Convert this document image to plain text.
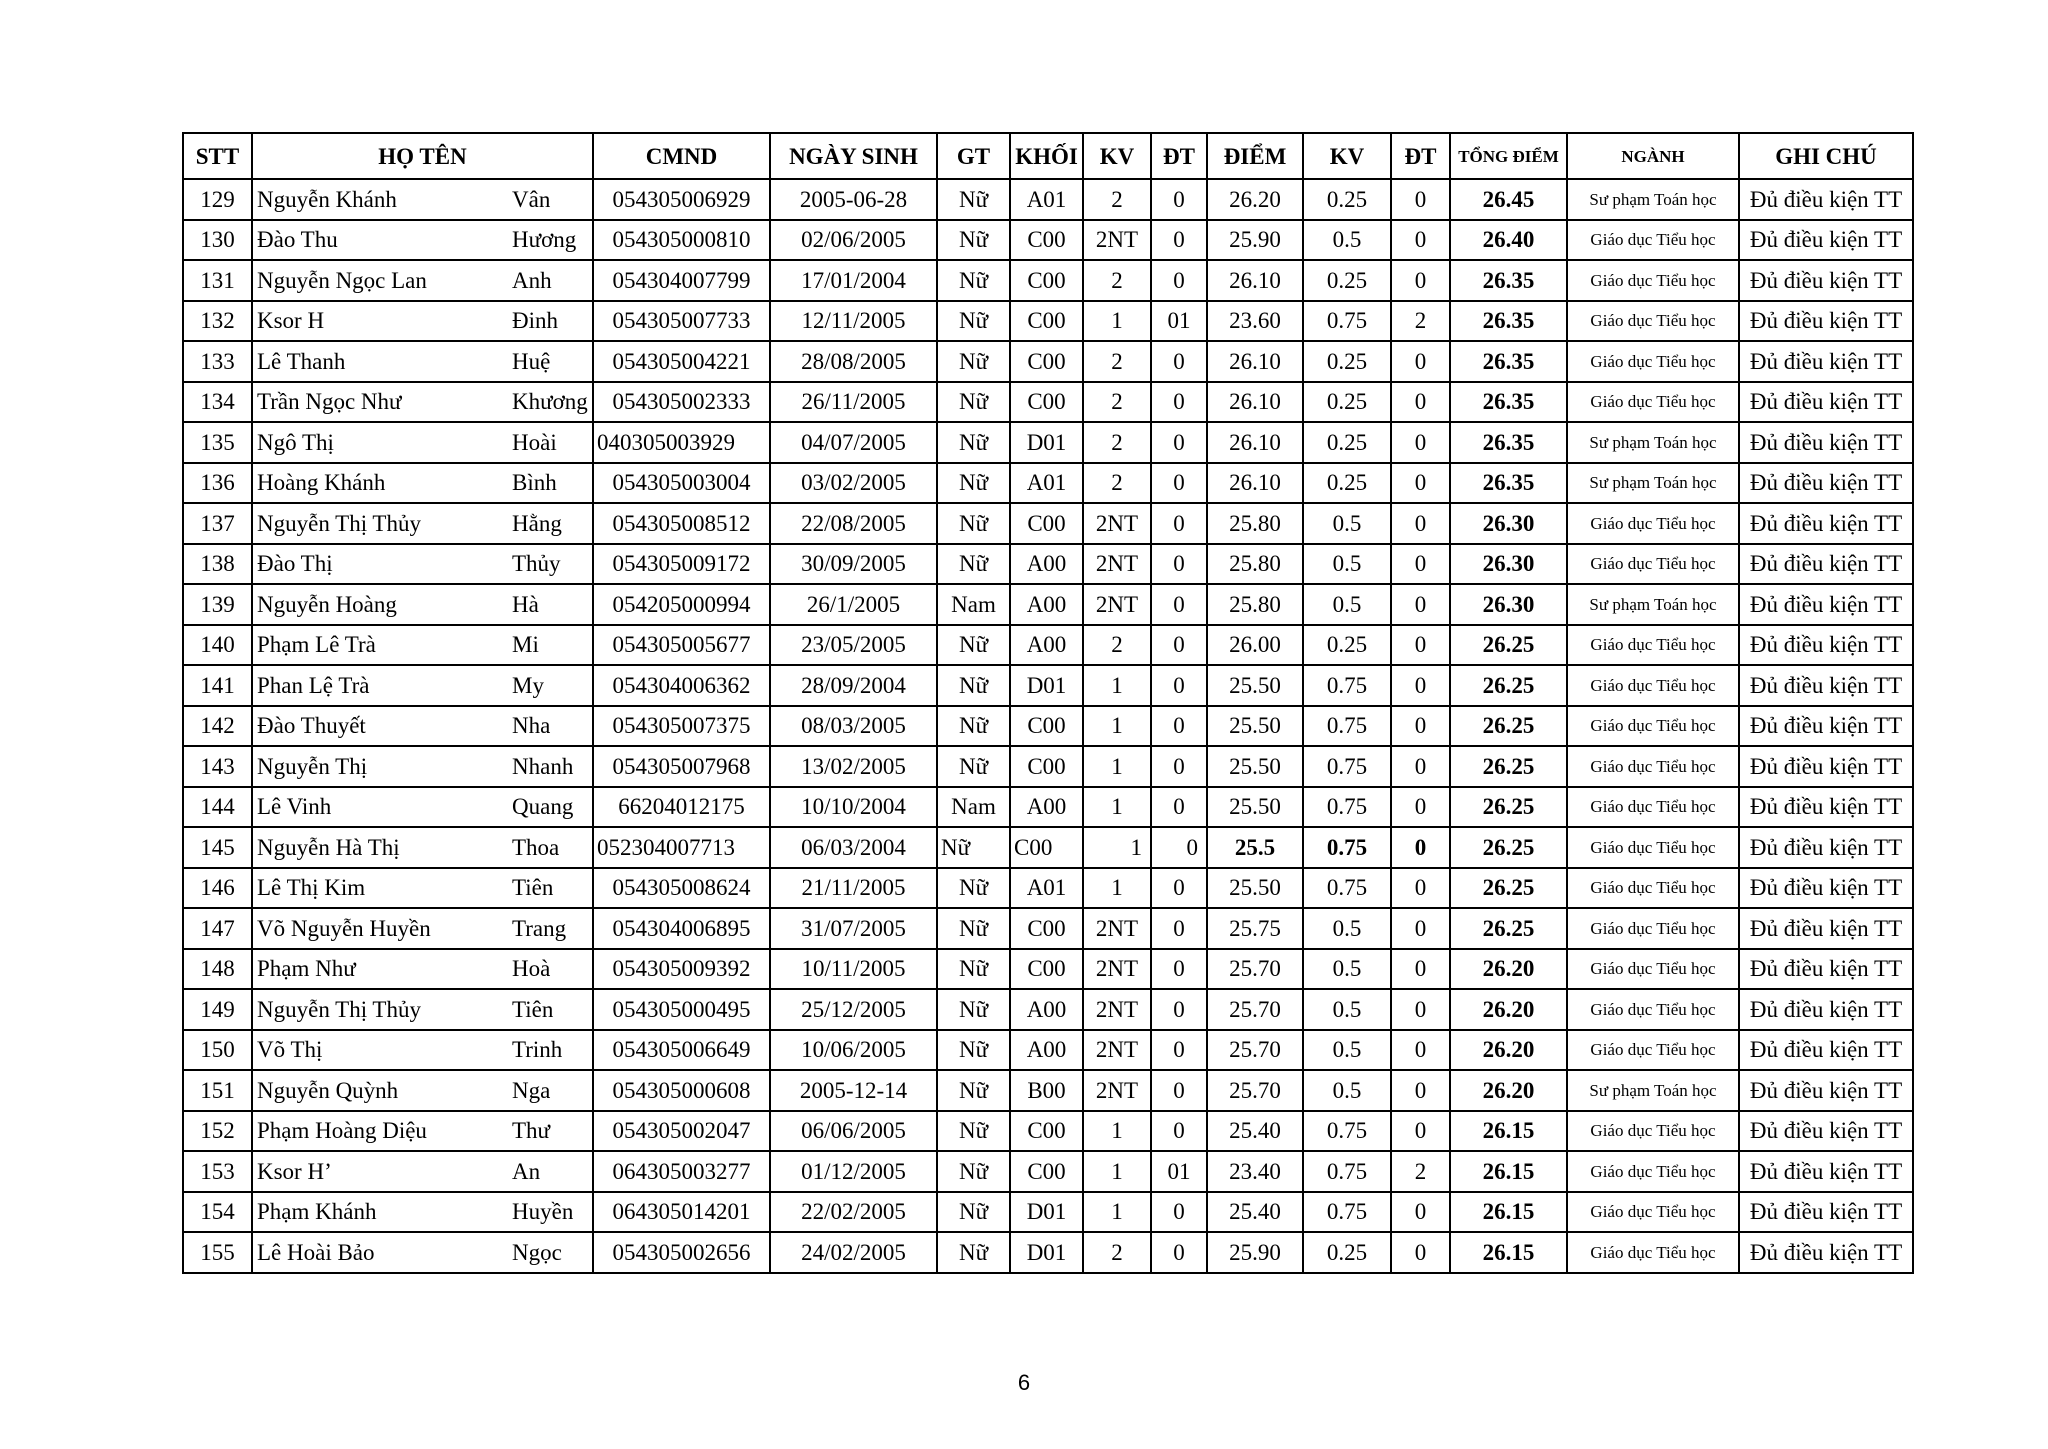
STT	HỌ TÊN		CMND	NGÀY SINH	GT	KHỐI	KV	ĐT	ĐIỂM	KV	ĐT	TỔNG ĐIỂM	NGÀNH	GHI CHÚ
129	Nguyễn Khánh	Vân	054305006929	2005-06-28	Nữ	A01	2	0	26.20	0.25	0	26.45	Sư phạm Toán học	Đủ điều kiện TT
130	Đào Thu	Hương	054305000810	02/06/2005	Nữ	C00	2NT	0	25.90	0.5	0	26.40	Giáo dục Tiểu học	Đủ điều kiện TT
131	Nguyễn Ngọc Lan	Anh	054304007799	17/01/2004	Nữ	C00	2	0	26.10	0.25	0	26.35	Giáo dục Tiểu học	Đủ điều kiện TT
132	Ksor H	Đinh	054305007733	12/11/2005	Nữ	C00	1	01	23.60	0.75	2	26.35	Giáo dục Tiểu học	Đủ điều kiện TT
133	Lê Thanh	Huệ	054305004221	28/08/2005	Nữ	C00	2	0	26.10	0.25	0	26.35	Giáo dục Tiểu học	Đủ điều kiện TT
134	Trần Ngọc Như	Khương	054305002333	26/11/2005	Nữ	C00	2	0	26.10	0.25	0	26.35	Giáo dục Tiểu học	Đủ điều kiện TT
135	Ngô Thị	Hoài	040305003929	04/07/2005	Nữ	D01	2	0	26.10	0.25	0	26.35	Sư phạm Toán học	Đủ điều kiện TT
136	Hoàng Khánh	Bình	054305003004	03/02/2005	Nữ	A01	2	0	26.10	0.25	0	26.35	Sư phạm Toán học	Đủ điều kiện TT
137	Nguyễn Thị Thủy	Hằng	054305008512	22/08/2005	Nữ	C00	2NT	0	25.80	0.5	0	26.30	Giáo dục Tiểu học	Đủ điều kiện TT
138	Đào Thị	Thủy	054305009172	30/09/2005	Nữ	A00	2NT	0	25.80	0.5	0	26.30	Giáo dục Tiểu học	Đủ điều kiện TT
139	Nguyễn Hoàng	Hà	054205000994	26/1/2005	Nam	A00	2NT	0	25.80	0.5	0	26.30	Sư phạm Toán học	Đủ điều kiện TT
140	Phạm Lê Trà	Mi	054305005677	23/05/2005	Nữ	A00	2	0	26.00	0.25	0	26.25	Giáo dục Tiểu học	Đủ điều kiện TT
141	Phan Lệ Trà	My	054304006362	28/09/2004	Nữ	D01	1	0	25.50	0.75	0	26.25	Giáo dục Tiểu học	Đủ điều kiện TT
142	Đào Thuyết	Nha	054305007375	08/03/2005	Nữ	C00	1	0	25.50	0.75	0	26.25	Giáo dục Tiểu học	Đủ điều kiện TT
143	Nguyễn Thị	Nhanh	054305007968	13/02/2005	Nữ	C00	1	0	25.50	0.75	0	26.25	Giáo dục Tiểu học	Đủ điều kiện TT
144	Lê Vinh	Quang	66204012175	10/10/2004	Nam	A00	1	0	25.50	0.75	0	26.25	Giáo dục Tiểu học	Đủ điều kiện TT
145	Nguyễn Hà Thị	Thoa	052304007713	06/03/2004	Nữ	C00	1	0	25.5	0.75	0	26.25	Giáo dục Tiểu học	Đủ điều kiện TT
146	Lê Thị Kim	Tiên	054305008624	21/11/2005	Nữ	A01	1	0	25.50	0.75	0	26.25	Giáo dục Tiểu học	Đủ điều kiện TT
147	Võ Nguyễn Huyền	Trang	054304006895	31/07/2005	Nữ	C00	2NT	0	25.75	0.5	0	26.25	Giáo dục Tiểu học	Đủ điều kiện TT
148	Phạm Như	Hoà	054305009392	10/11/2005	Nữ	C00	2NT	0	25.70	0.5	0	26.20	Giáo dục Tiểu học	Đủ điều kiện TT
149	Nguyễn Thị Thủy	Tiên	054305000495	25/12/2005	Nữ	A00	2NT	0	25.70	0.5	0	26.20	Giáo dục Tiểu học	Đủ điều kiện TT
150	Võ Thị	Trinh	054305006649	10/06/2005	Nữ	A00	2NT	0	25.70	0.5	0	26.20	Giáo dục Tiểu học	Đủ điều kiện TT
151	Nguyễn Quỳnh	Nga	054305000608	2005-12-14	Nữ	B00	2NT	0	25.70	0.5	0	26.20	Sư phạm Toán học	Đủ điều kiện TT
152	Phạm Hoàng Diệu	Thư	054305002047	06/06/2005	Nữ	C00	1	0	25.40	0.75	0	26.15	Giáo dục Tiểu học	Đủ điều kiện TT
153	Ksor H’	An	064305003277	01/12/2005	Nữ	C00	1	01	23.40	0.75	2	26.15	Giáo dục Tiểu học	Đủ điều kiện TT
154	Phạm Khánh	Huyền	064305014201	22/02/2005	Nữ	D01	1	0	25.40	0.75	0	26.15	Giáo dục Tiểu học	Đủ điều kiện TT
155	Lê Hoài Bảo	Ngọc	054305002656	24/02/2005	Nữ	D01	2	0	25.90	0.25	0	26.15	Giáo dục Tiểu học	Đủ điều kiện TT
6
